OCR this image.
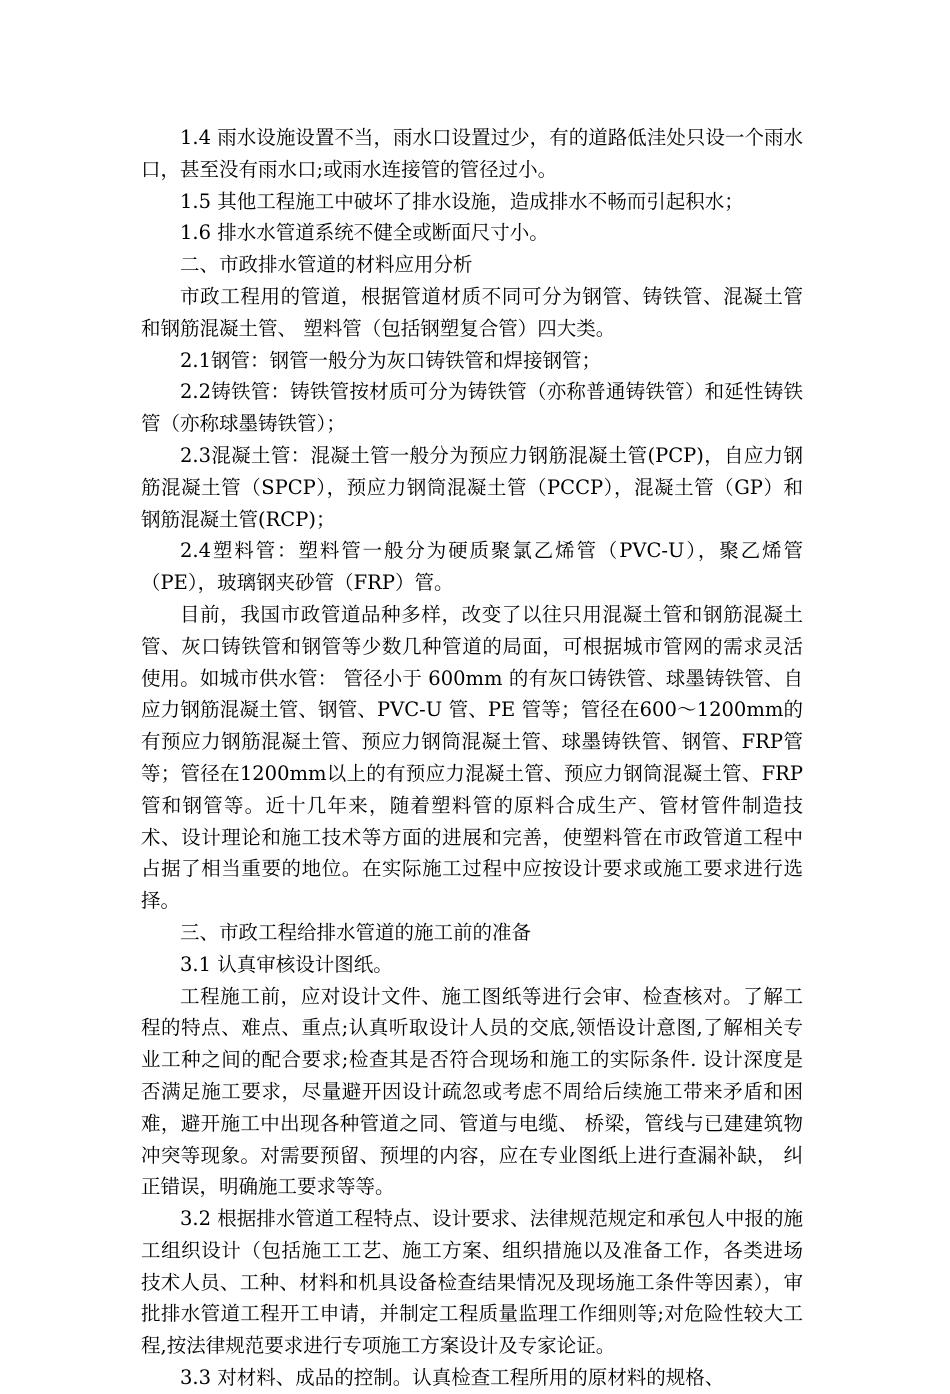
1.4 雨水设施设置不当，雨水口设置过少，有的道路低洼处只设一个雨水口，甚至没有雨水口;或雨水连接管的管径过小。

1.5 其他工程施工中破坏了排水设施，造成排水不畅而引起积水；

1.6 排水水管道系统不健全或断面尺寸小。

二、市政排水管道的材料应用分析

市政工程用的管道，根据管道材质不同可分为钢管、铸铁管、混凝土管和钢筋混凝土管、 塑料管（包括钢塑复合管）四大类。

2.1钢管：钢管一般分为灰口铸铁管和焊接钢管；

2.2铸铁管：铸铁管按材质可分为铸铁管（亦称普通铸铁管）和延性铸铁管（亦称球墨铸铁管）；

2.3混凝土管：混凝土管一般分为预应力钢筋混凝土管(PCP)，自应力钢筋混凝土管（SPCP），预应力钢筒混凝土管（PCCP），混凝土管（GP）和钢筋混凝土管(RCP)；

2.4塑料管：塑料管一般分为硬质聚氯乙烯管（PVC-U），聚乙烯管（PE），玻璃钢夹砂管（FRP）管。

目前，我国市政管道品种多样，改变了以往只用混凝土管和钢筋混凝土管、灰口铸铁管和钢管等少数几种管道的局面，可根据城市管网的需求灵活使用。如城市供水管： 管径小于 600mm 的有灰口铸铁管、球墨铸铁管、自应力钢筋混凝土管、钢管、PVC-U 管、PE 管等；管径在600～1200mm的有预应力钢筋混凝土管、预应力钢筒混凝土管、球墨铸铁管、钢管、FRP管等；管径在1200mm以上的有预应力混凝土管、预应力钢筒混凝土管、FRP管和钢管等。近十几年来，随着塑料管的原料合成生产、管材管件制造技术、设计理论和施工技术等方面的进展和完善，使塑料管在市政管道工程中占据了相当重要的地位。在实际施工过程中应按设计要求或施工要求进行选择。

三、市政工程给排水管道的施工前的准备

3.1 认真审核设计图纸。

工程施工前，应对设计文件、施工图纸等进行会审、检查核对。了解工程的特点、难点、重点;认真听取设计人员的交底,领悟设计意图,了解相关专业工种之间的配合要求;检查其是否符合现场和施工的实际条件. 设计深度是否满足施工要求，尽量避开因设计疏忽或考虑不周给后续施工带来矛盾和困难，避开施工中出现各种管道之同、管道与电缆、 桥梁，管线与已建建筑物冲突等现象。对需要预留、预埋的内容，应在专业图纸上进行查漏补缺， 纠正错误，明确施工要求等等。

3.2 根据排水管道工程特点、设计要求、法律规范规定和承包人中报的施工组织设计（包括施工工艺、施工方案、组织措施以及准备工作，各类进场技术人员、工种、材料和机具设备检查结果情况及现场施工条件等因素），审批排水管道工程开工申请，并制定工程质量监理工作细则等;对危险性较大工程,按法律规范要求进行专项施工方案设计及专家论证。

3.3 对材料、成品的控制。认真检查工程所用的原材料的规格、
